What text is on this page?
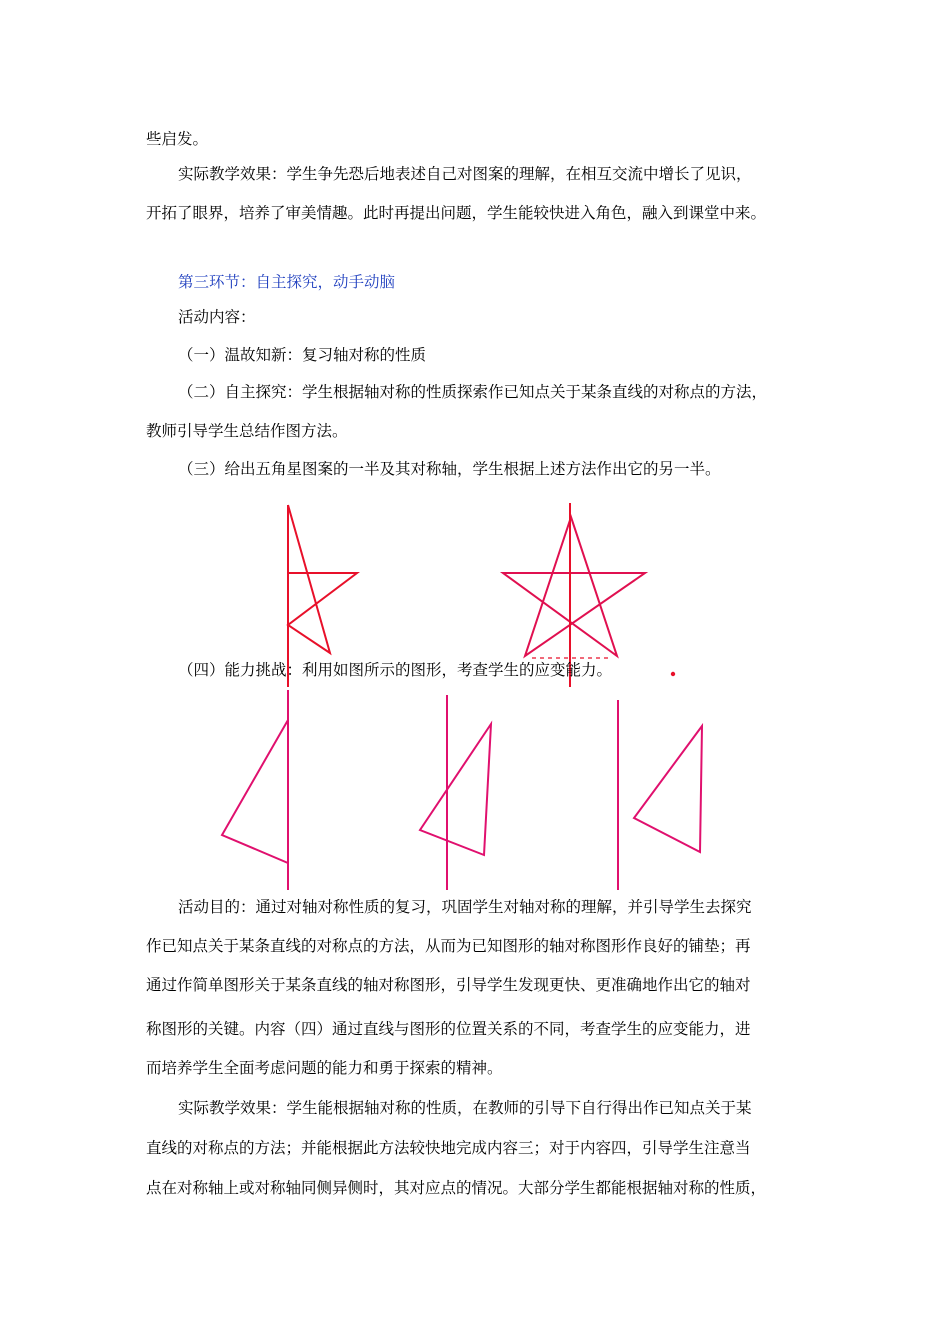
些启发。
实际教学效果：学生争先恐后地表述自己对图案的理解，在相互交流中增长了见识，
开拓了眼界，培养了审美情趣。此时再提出问题，学生能较快进入角色，融入到课堂中来。
第三环节：自主探究，动手动脑
活动内容：
（一）温故知新：复习轴对称的性质
（二）自主探究：学生根据轴对称的性质探索作已知点关于某条直线的对称点的方法，
教师引导学生总结作图方法。
（三）给出五角星图案的一半及其对称轴，学生根据上述方法作出它的另一半。
（四）能力挑战：利用如图所示的图形，考查学生的应变能力。
活动目的：通过对轴对称性质的复习，巩固学生对轴对称的理解，并引导学生去探究
作已知点关于某条直线的对称点的方法，从而为已知图形的轴对称图形作良好的铺垫；再
通过作简单图形关于某条直线的轴对称图形，引导学生发现更快、更准确地作出它的轴对
称图形的关键。内容（四）通过直线与图形的位置关系的不同，考查学生的应变能力，进
而培养学生全面考虑问题的能力和勇于探索的精神。
实际教学效果：学生能根据轴对称的性质，在教师的引导下自行得出作已知点关于某
直线的对称点的方法；并能根据此方法较快地完成内容三；对于内容四，引导学生注意当
点在对称轴上或对称轴同侧异侧时，其对应点的情况。大部分学生都能根据轴对称的性质，
